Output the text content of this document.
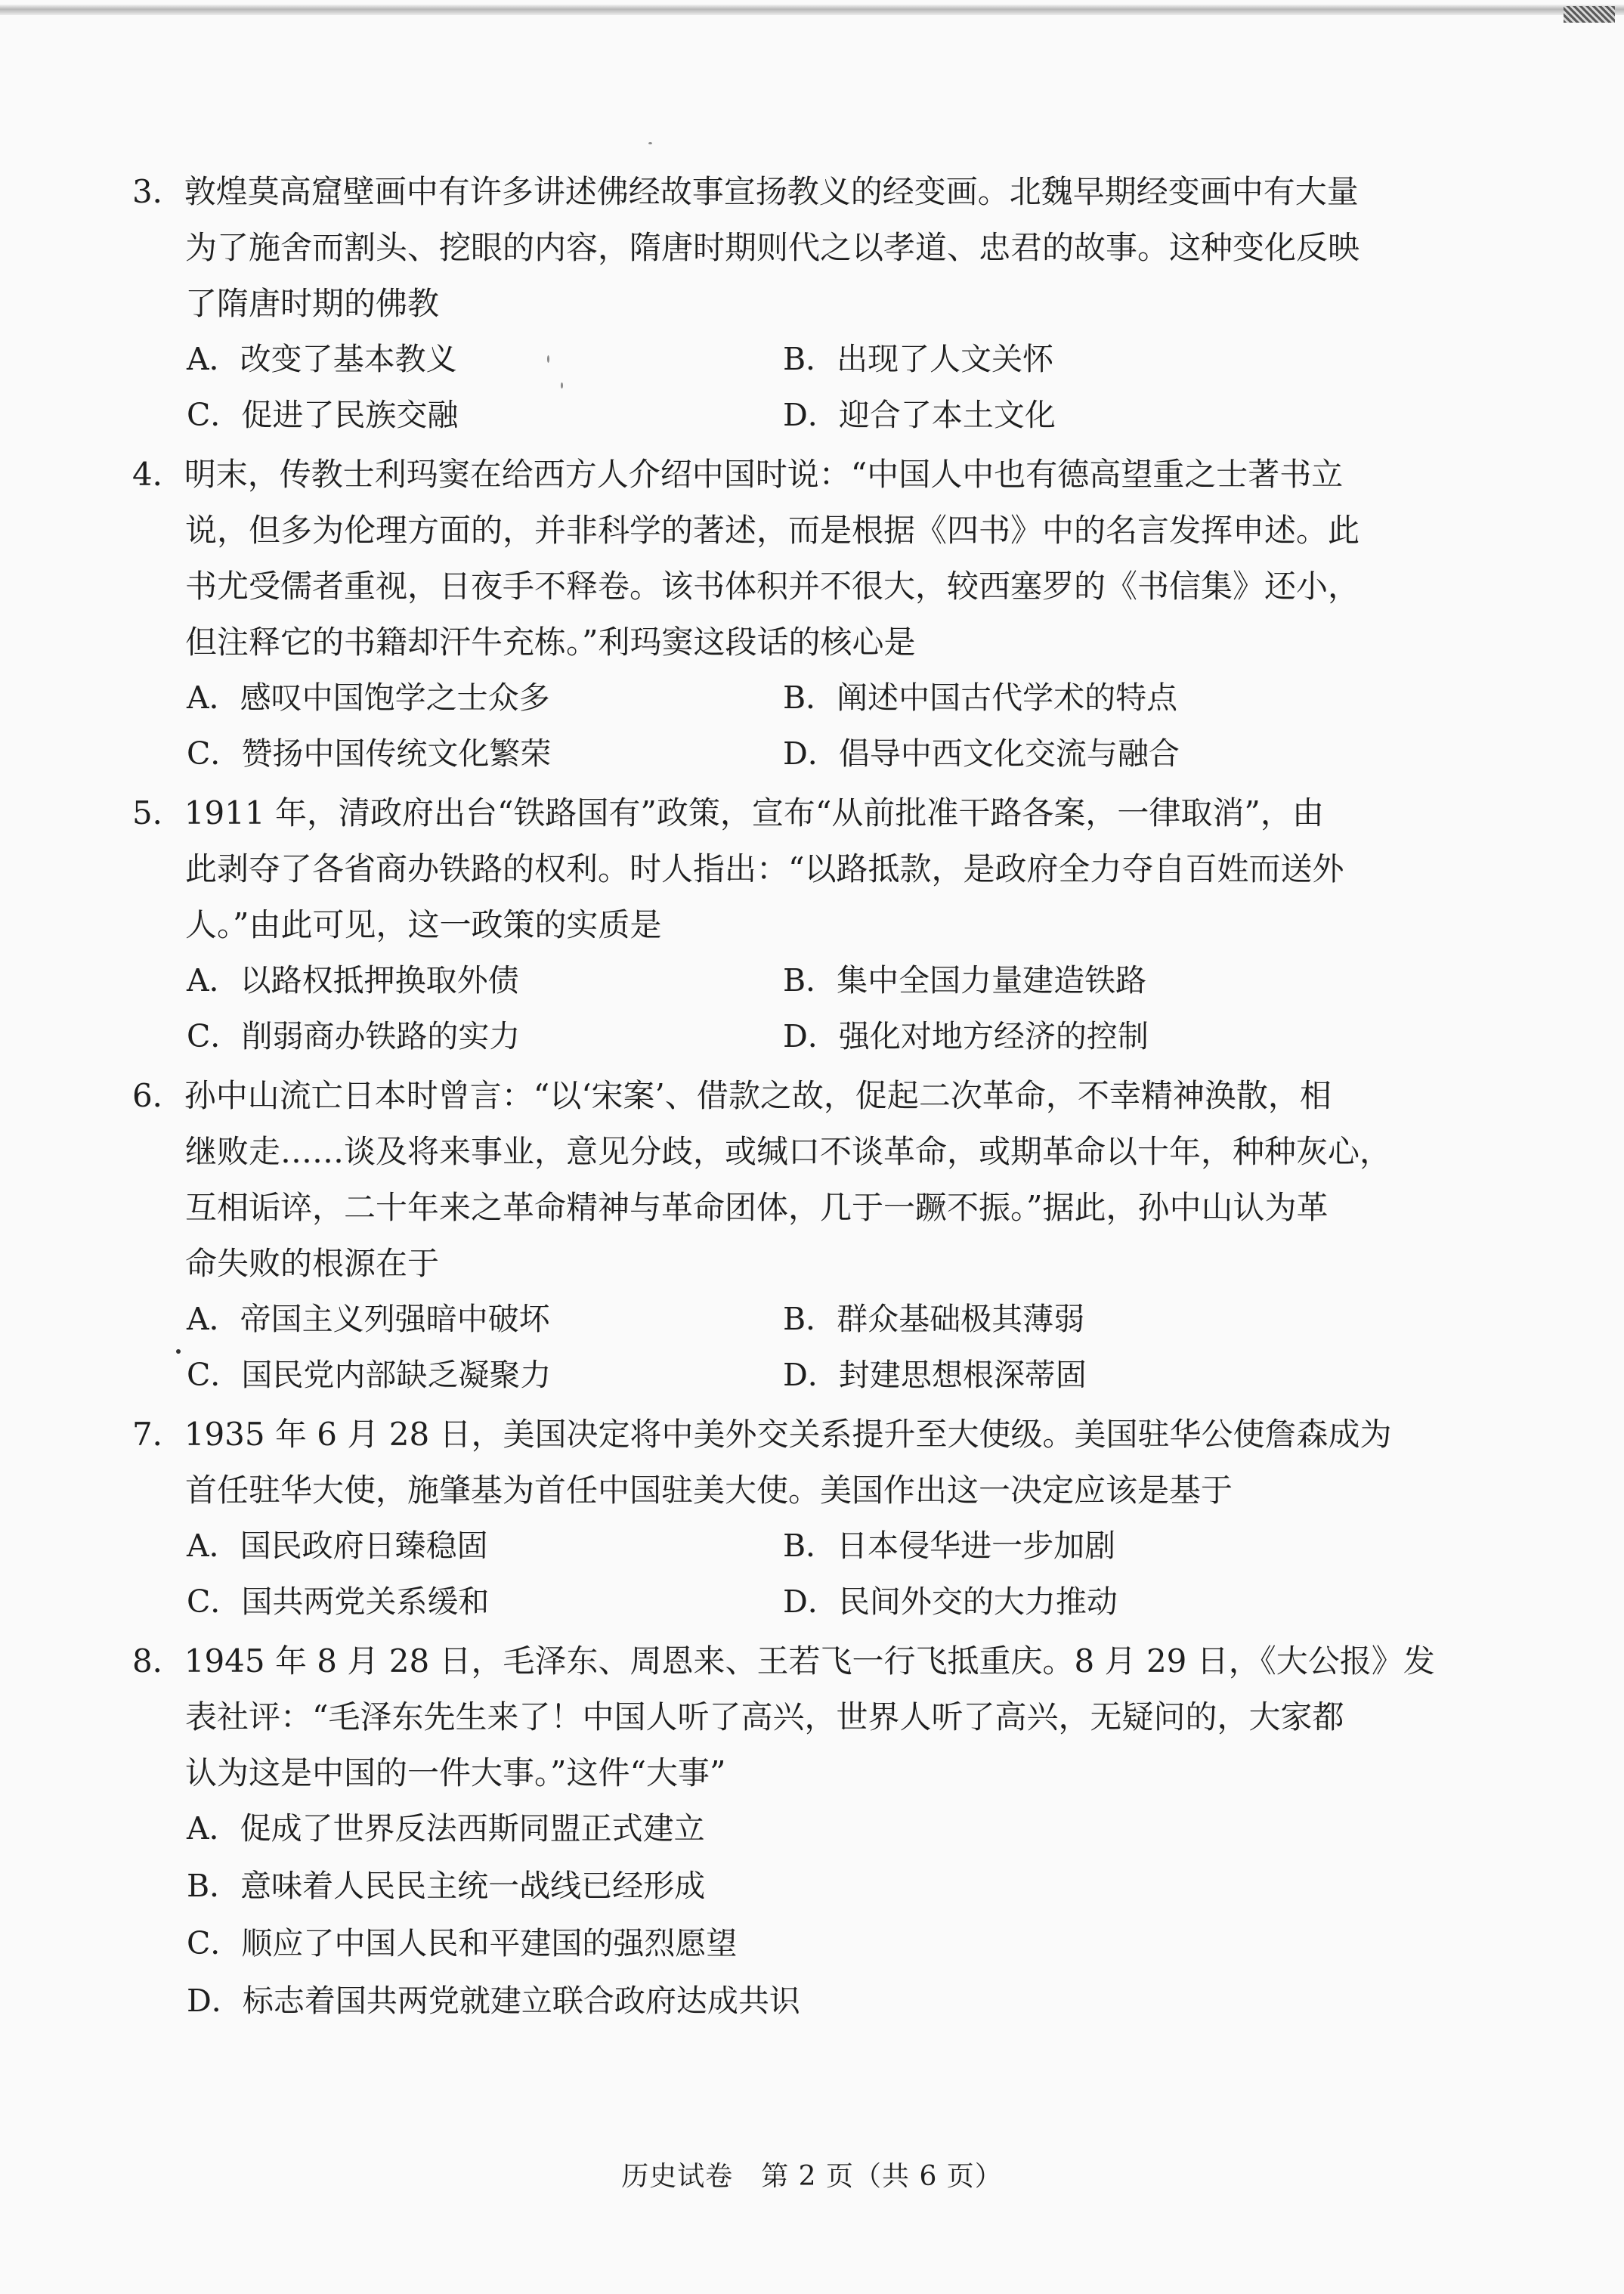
3．敦煌莫高窟壁画中有许多讲述佛经故事宣扬教义的经变画。北魏早期经变画中有大量
为了施舍而割头、挖眼的内容，隋唐时期则代之以孝道、忠君的故事。这种变化反映
了隋唐时期的佛教
A．改变了基本教义	B．出现了人文关怀
C．促进了民族交融	D．迎合了本土文化
4．明末，传教士利玛窦在给西方人介绍中国时说：“中国人中也有德高望重之士著书立
说，但多为伦理方面的，并非科学的著述，而是根据《四书》中的名言发挥申述。此
书尤受儒者重视，日夜手不释卷。该书体积并不很大，较西塞罗的《书信集》还小，
但注释它的书籍却汗牛充栋。”利玛窦这段话的核心是
A．感叹中国饱学之士众多	B．阐述中国古代学术的特点
C．赞扬中国传统文化繁荣	D．倡导中西文化交流与融合
5．1911 年，清政府出台“铁路国有”政策，宣布“从前批准干路各案，一律取消”，由
此剥夺了各省商办铁路的权利。时人指出：“以路抵款，是政府全力夺自百姓而送外
人。”由此可见，这一政策的实质是
A．以路权抵押换取外债	B．集中全国力量建造铁路
C．削弱商办铁路的实力	D．强化对地方经济的控制
6．孙中山流亡日本时曾言：“以‘宋案’、借款之故，促起二次革命，不幸精神涣散，相
继败走……谈及将来事业，意见分歧，或缄口不谈革命，或期革命以十年，种种灰心，
互相诟谇，二十年来之革命精神与革命团体，几于一蹶不振。”据此，孙中山认为革
命失败的根源在于
A．帝国主义列强暗中破坏	B．群众基础极其薄弱
C．国民党内部缺乏凝聚力	D．封建思想根深蒂固
7．1935 年 6 月 28 日，美国决定将中美外交关系提升至大使级。美国驻华公使詹森成为
首任驻华大使，施肇基为首任中国驻美大使。美国作出这一决定应该是基于
A．国民政府日臻稳固	B．日本侵华进一步加剧
C．国共两党关系缓和	D．民间外交的大力推动
8．1945 年 8 月 28 日，毛泽东、周恩来、王若飞一行飞抵重庆。8 月 29 日，《大公报》发
表社评：“毛泽东先生来了！中国人听了高兴，世界人听了高兴，无疑问的，大家都
认为这是中国的一件大事。”这件“大事”
A．促成了世界反法西斯同盟正式建立
B．意味着人民民主统一战线已经形成
C．顺应了中国人民和平建国的强烈愿望
D．标志着国共两党就建立联合政府达成共识
历史试卷　第 2 页（共 6 页）
